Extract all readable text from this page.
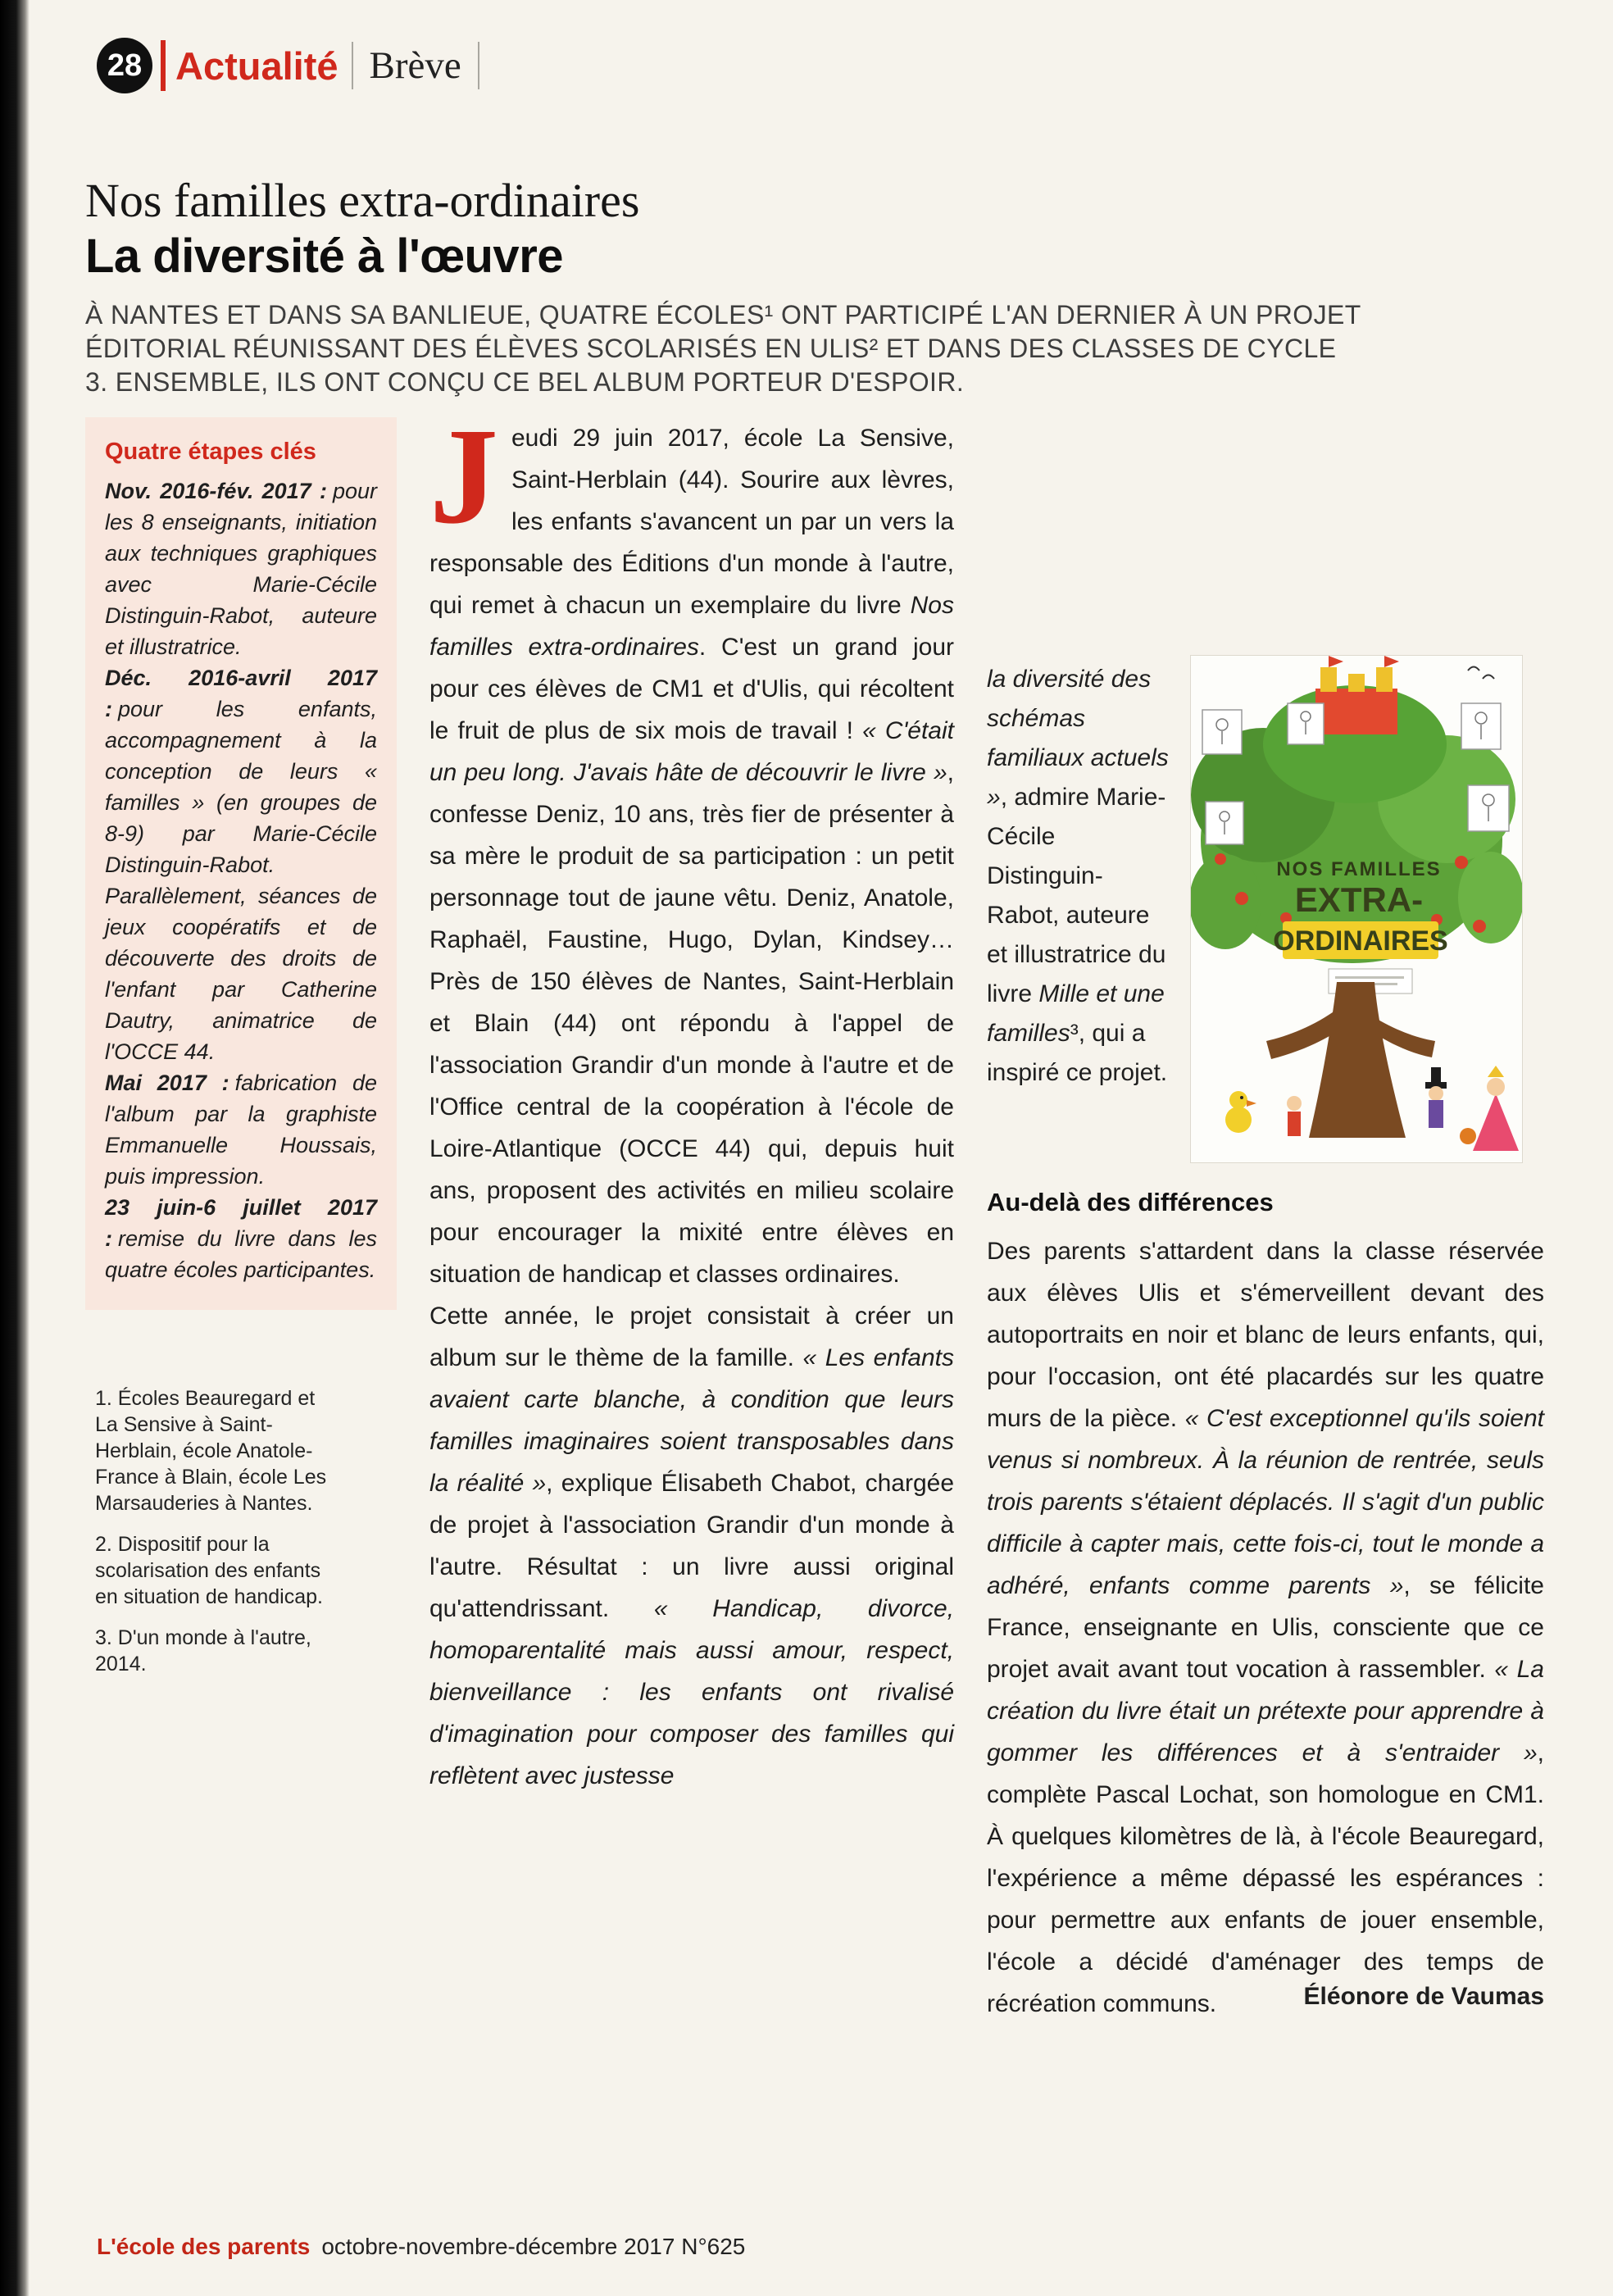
28 Actualité Brève
Nos familles extra-ordinaires
La diversité à l'œuvre

À NANTES ET DANS SA BANLIEUE, QUATRE ÉCOLES¹ ONT PARTICIPÉ L'AN DERNIER À UN PROJET ÉDITORIAL RÉUNISSANT DES ÉLÈVES SCOLARISÉS EN ULIS² ET DANS DES CLASSES DE CYCLE 3. ENSEMBLE, ILS ONT CONÇU CE BEL ALBUM PORTEUR D'ESPOIR.

Quatre étapes clés

Nov. 2016-fév. 2017 : pour les 8 enseignants, initiation aux techniques graphiques avec Marie-Cécile Distinguin-Rabot, auteure et illustratrice.

Déc. 2016-avril 2017 : pour les enfants, accompagnement à la conception de leurs « familles » (en groupes de 8-9) par Marie-Cécile Distinguin-Rabot. Parallèlement, séances de jeux coopératifs et de découverte des droits de l'enfant par Catherine Dautry, animatrice de l'OCCE 44.

Mai 2017 : fabrication de l'album par la graphiste Emmanuelle Houssais, puis impression.

23 juin-6 juillet 2017 : remise du livre dans les quatre écoles participantes.

1. Écoles Beauregard et La Sensive à Saint-Herblain, école Anatole-France à Blain, école Les Marsauderies à Nantes.

2. Dispositif pour la scolarisation des enfants en situation de handicap.

3. D'un monde à l'autre, 2014.

Jeudi 29 juin 2017, école La Sensive, Saint-Herblain (44). Sourire aux lèvres, les enfants s'avancent un par un vers la responsable des Éditions d'un monde à l'autre, qui remet à chacun un exemplaire du livre Nos familles extra-ordinaires. C'est un grand jour pour ces élèves de CM1 et d'Ulis, qui récoltent le fruit de plus de six mois de travail ! « C'était un peu long. J'avais hâte de découvrir le livre », confesse Deniz, 10 ans, très fier de présenter à sa mère le produit de sa participation : un petit personnage tout de jaune vêtu. Deniz, Anatole, Raphaël, Faustine, Hugo, Dylan, Kindsey… Près de 150 élèves de Nantes, Saint-Herblain et Blain (44) ont répondu à l'appel de l'association Grandir d'un monde à l'autre et de l'Office central de la coopération à l'école de Loire-Atlantique (OCCE 44) qui, depuis huit ans, proposent des activités en milieu scolaire pour encourager la mixité entre élèves en situation de handicap et classes ordinaires.

Cette année, le projet consistait à créer un album sur le thème de la famille. « Les enfants avaient carte blanche, à condition que leurs familles imaginaires soient transposables dans la réalité », explique Élisabeth Chabot, chargée de projet à l'association Grandir d'un monde à l'autre. Résultat : un livre aussi original qu'attendrissant. « Handicap, divorce, homoparentalité mais aussi amour, respect, bienveillance : les enfants ont rivalisé d'imagination pour composer des familles qui reflètent avec justesse

la diversité des schémas familiaux actuels », admire Marie-Cécile Distinguin-Rabot, auteure et illustratrice du livre Mille et une familles³, qui a inspiré ce projet.

NOS FAMILLES
EXTRA-
ORDINAIRES
Au-delà des différences

Des parents s'attardent dans la classe réservée aux élèves Ulis et s'émerveillent devant des autoportraits en noir et blanc de leurs enfants, qui, pour l'occasion, ont été placardés sur les quatre murs de la pièce. « C'est exceptionnel qu'ils soient venus si nombreux. À la réunion de rentrée, seuls trois parents s'étaient déplacés. Il s'agit d'un public difficile à capter mais, cette fois-ci, tout le monde a adhéré, enfants comme parents », se félicite France, enseignante en Ulis, consciente que ce projet avait avant tout vocation à rassembler. « La création du livre était un prétexte pour apprendre à gommer les différences et à s'entraider », complète Pascal Lochat, son homologue en CM1. À quelques kilomètres de là, à l'école Beauregard, l'expérience a même dépassé les espérances : pour permettre aux enfants de jouer ensemble, l'école a décidé d'aménager des temps de récréation communs.	Éléonore de Vaumas
L'école des parents octobre-novembre-décembre 2017 N°625
